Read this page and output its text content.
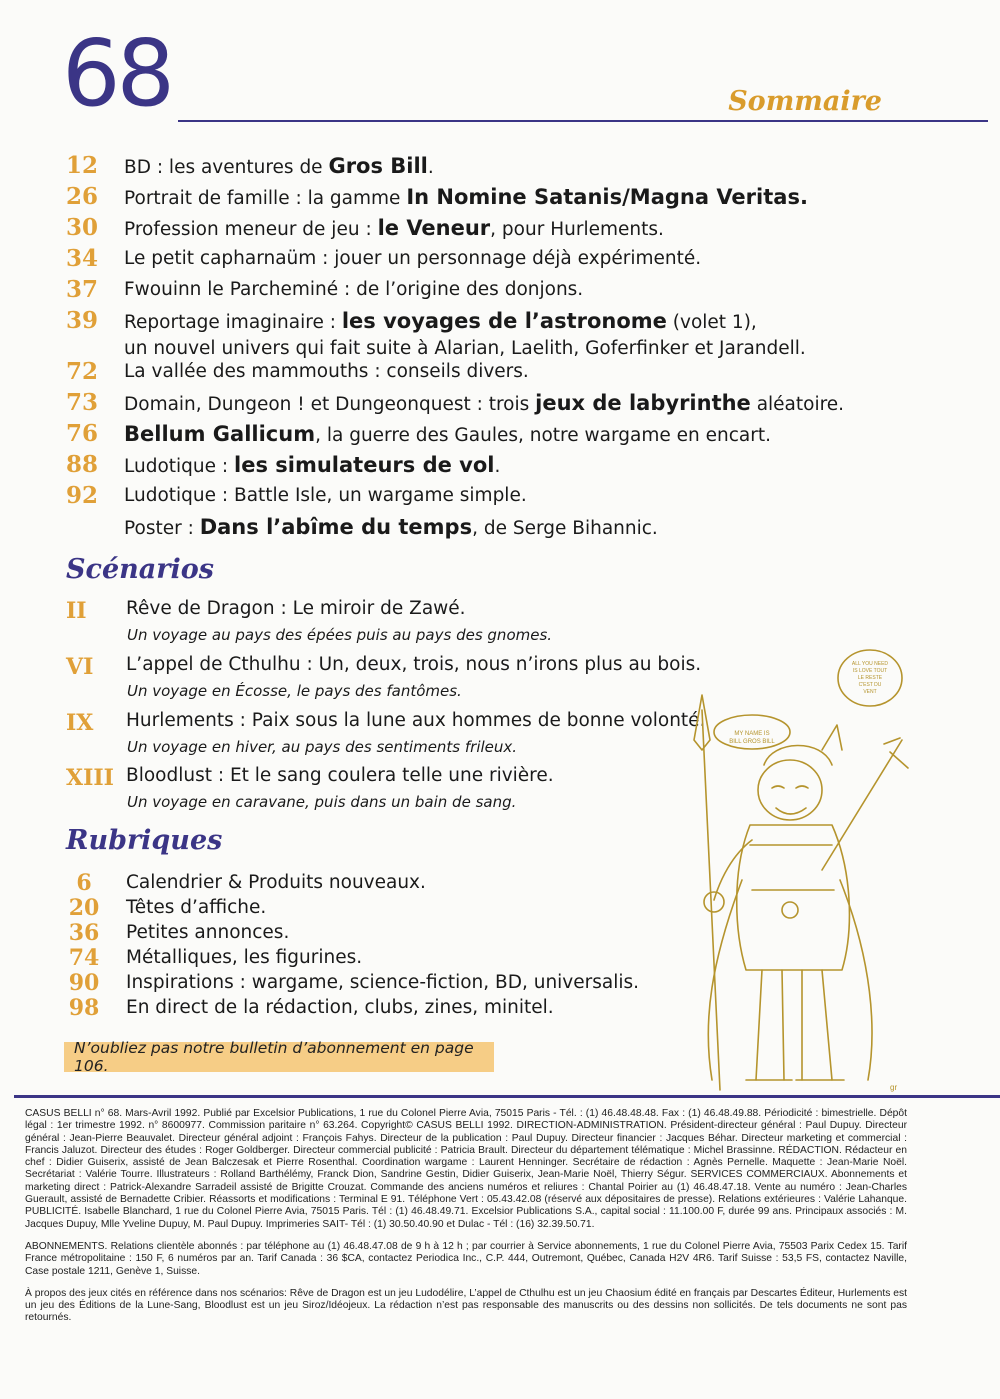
68	Sommaire
12	BD : les aventures de Gros Bill.
26	Portrait de famille : la gamme In Nomine Satanis/Magna Veritas.
30	Profession meneur de jeu : le Veneur, pour Hurlements.
34	Le petit capharnaüm : jouer un personnage déjà expérimenté.
37	Fwouinn le Parcheminé : de l’origine des donjons.
39	Reportage imaginaire : les voyages de l’astronome (volet 1),
un nouvel univers qui fait suite à Alarian, Laelith, Goferfinker et Jarandell.
72	La vallée des mammouths : conseils divers.
73	Domain, Dungeon ! et Dungeonquest : trois jeux de labyrinthe aléatoire.
76	Bellum Gallicum, la guerre des Gaules, notre wargame en encart.
88	Ludotique : les simulateurs de vol.
92	Ludotique : Battle Isle, un wargame simple.
Poster : Dans l’abîme du temps, de Serge Bihannic.
Scénarios
II Rêve de Dragon : Le miroir de Zawé.
Un voyage au pays des épées puis au pays des gnomes.
VI L’appel de Cthulhu : Un, deux, trois, nous n’irons plus au bois.
Un voyage en Écosse, le pays des fantômes.
IX Hurlements : Paix sous la lune aux hommes de bonne volonté.
Un voyage en hiver, au pays des sentiments frileux.
XIII Bloodlust : Et le sang coulera telle une rivière.
Un voyage en caravane, puis dans un bain de sang.
Rubriques
6	Calendrier & Produits nouveaux.
20	Têtes d’affiche.
36	Petites annonces.
74	Métalliques, les figurines.
90	Inspirations : wargame, science-fiction, BD, universalis.
98	En direct de la rédaction, clubs, zines, minitel.
N’oubliez pas notre bulletin d’abonnement en page 106.
ALL YOU NEED IS LOVE TOUT LE RESTE C'EST DU VENT
MY NAME IS BILL GROS BILL
gr

CASUS BELLI n° 68. Mars-Avril 1992. Publié par Excelsior Publications, 1 rue du Colonel Pierre Avia, 75015 Paris - Tél. : (1) 46.48.48.48. Fax : (1) 46.48.49.88. Périodicité : bimestrielle. Dépôt légal : 1er trimestre 1992. n° 8600977. Commission paritaire n° 63.264. Copyright© CASUS BELLI 1992. DIRECTION-ADMINISTRATION. Président-directeur général : Paul Dupuy. Directeur général : Jean-Pierre Beauvalet. Directeur général adjoint : François Fahys. Directeur de la publication : Paul Dupuy. Directeur financier : Jacques Béhar. Directeur marketing et commercial : Francis Jaluzot. Directeur des études : Roger Goldberger. Directeur commercial publicité : Patricia Brault. Directeur du département télématique : Michel Brassinne. RÉDACTION. Rédacteur en chef : Didier Guiserix, assisté de Jean Balczesak et Pierre Rosenthal. Coordination wargame : Laurent Henninger. Secrétaire de rédaction : Agnès Pernelle. Maquette : Jean-Marie Noël. Secrétariat : Valérie Tourre. Illustrateurs : Rolland Barthélémy, Franck Dion, Sandrine Gestin, Didier Guiserix, Jean-Marie Noël, Thierry Ségur. SERVICES COMMERCIAUX. Abonnements et marketing direct : Patrick-Alexandre Sarradeil assisté de Brigitte Crouzat. Commande des anciens numéros et reliures : Chantal Poirier au (1) 46.48.47.18. Vente au numéro : Jean-Charles Guerault, assisté de Bernadette Cribier. Réassorts et modifications : Terminal E 91. Téléphone Vert : 05.43.42.08 (réservé aux dépositaires de presse). Relations extérieures : Valérie Lahanque. PUBLICITÉ. Isabelle Blanchard, 1 rue du Colonel Pierre Avia, 75015 Paris. Tél : (1) 46.48.49.71. Excelsior Publications S.A., capital social : 11.100.00 F, durée 99 ans. Principaux associés : M. Jacques Dupuy, Mlle Yveline Dupuy, M. Paul Dupuy. Imprimeries SAIT- Tél : (1) 30.50.40.90 et Dulac - Tél : (16) 32.39.50.71.

ABONNEMENTS. Relations clientèle abonnés : par téléphone au (1) 46.48.47.08 de 9 h à 12 h ; par courrier à Service abonnements, 1 rue du Colonel Pierre Avia, 75503 Parix Cedex 15. Tarif France métropolitaine : 150 F, 6 numéros par an. Tarif Canada : 36 $CA, contactez Periodica Inc., C.P. 444, Outremont, Québec, Canada H2V 4R6. Tarif Suisse : 53,5 FS, contactez Naville, Case postale 1211, Genève 1, Suisse.

À propos des jeux cités en référence dans nos scénarios: Rêve de Dragon est un jeu Ludodélire, L’appel de Cthulhu est un jeu Chaosium édité en français par Descartes Éditeur, Hurlements est un jeu des Éditions de la Lune-Sang, Bloodlust est un jeu Siroz/Idéojeux. La rédaction n’est pas responsable des manuscrits ou des dessins non sollicités. De tels documents ne sont pas retournés.
